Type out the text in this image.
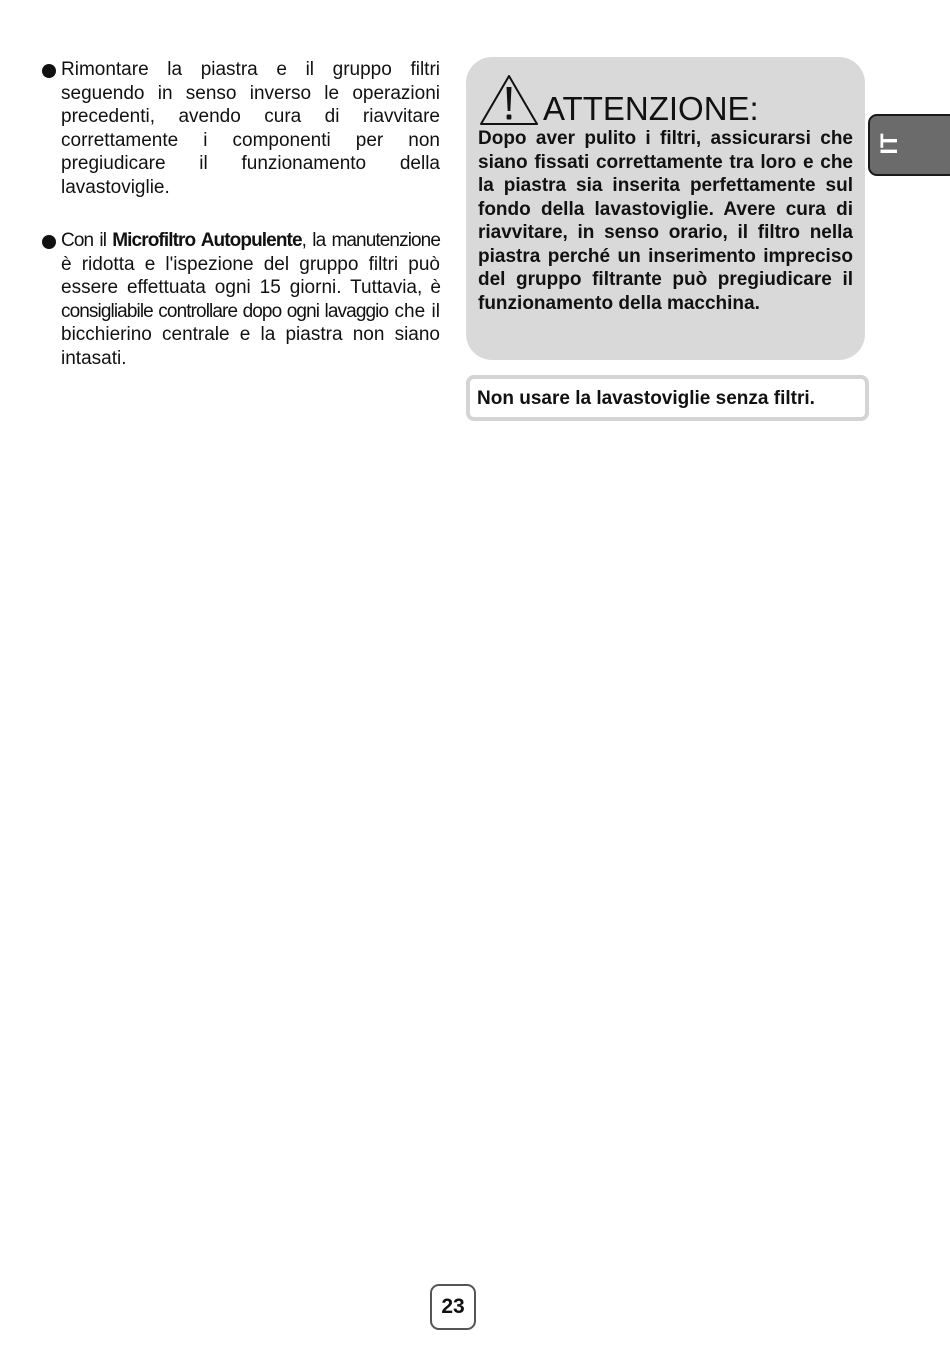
Rimontare la piastra e il gruppo filtri seguendo in senso inverso le operazioni precedenti, avendo cura di riavvitare correttamente i componenti per non pregiudicare il funzionamento della lavastoviglie.
Con il Microfiltro Autopulente, la manutenzione è ridotta e l'ispezione del gruppo filtri può essere effettuata ogni 15 giorni. Tuttavia, è consigliabile controllare dopo ogni lavaggio che il bicchierino centrale e la piastra non siano intasati.
ATTENZIONE:
Dopo aver pulito i filtri, assicurarsi che siano fissati correttamente tra loro e che la piastra sia inserita perfettamente sul fondo della lavastoviglie. Avere cura di riavvitare, in senso orario, il filtro nella piastra perché un inserimento impreciso del gruppo filtrante può pregiudicare il funzionamento della macchina.
Non usare la lavastoviglie senza filtri.
IT
23
